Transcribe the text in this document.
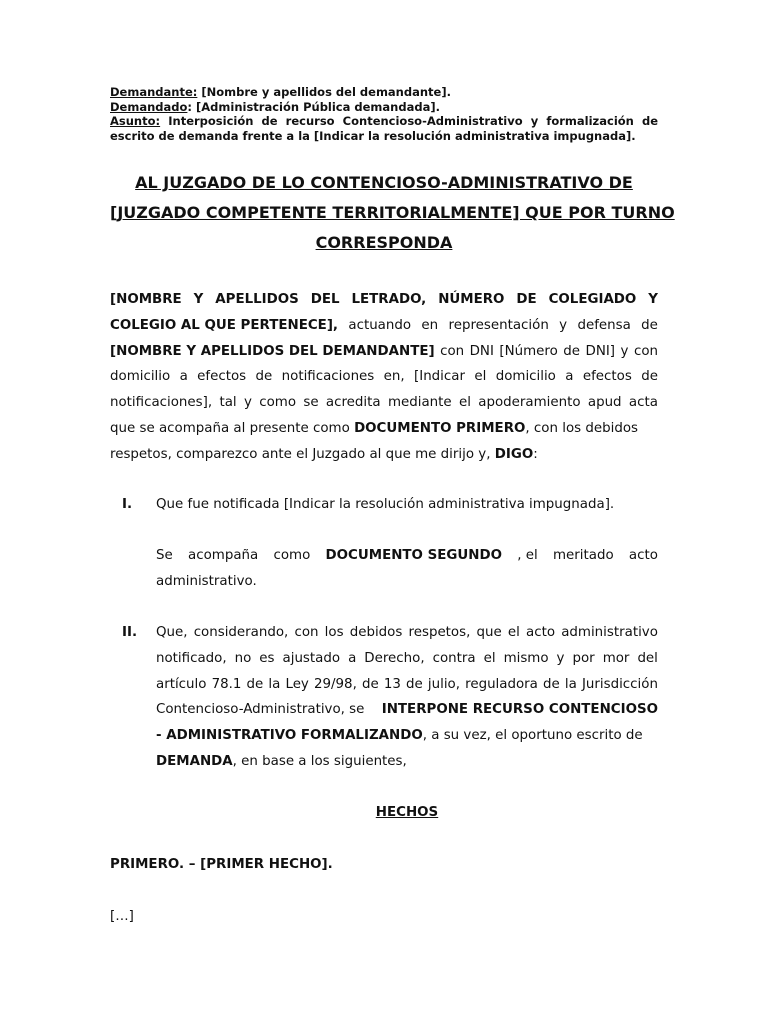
Demandante: [Nombre y apellidos del demandante].
Demandado: [Administración Pública demandada].
Asunto: Interposición de recurso Contencioso-Administrativo y formalización de escrito de demanda frente a la [Indicar la resolución administrativa impugnada].
AL JUZGADO DE LO CONTENCIOSO-ADMINISTRATIVO DE
[JUZGADO COMPETENTE TERRITORIALMENTE] QUE POR TURNO
CORRESPONDA
[NOMBRE Y APELLIDOS DEL LETRADO, NÚMERO DE COLEGIADO Y
COLEGIO AL QUE PERTENECE], actuando en representación y defensa de
[NOMBRE Y APELLIDOS DEL DEMANDANTE] con DNI [Número de DNI] y con
domicilio a efectos de notificaciones en, [Indicar el domicilio a efectos de
notificaciones], tal y como se acredita mediante el apoderamiento apud acta
que se acompaña al presente como DOCUMENTO PRIMERO, con los debidos
respetos, comparezco ante el Juzgado al que me dirijo y, DIGO:
I. Que fue notificada [Indicar la resolución administrativa impugnada].
Se acompaña como DOCUMENTO SEGUNDO , el meritado acto
administrativo.
II. Que, considerando, con los debidos respetos, que el acto administrativo
notificado, no es ajustado a Derecho, contra el mismo y por mor del
artículo 78.1 de la Ley 29/98, de 13 de julio, reguladora de la Jurisdicción
Contencioso-Administrativo, se INTERPONE RECURSO CONTENCIOSO
- ADMINISTRATIVO FORMALIZANDO, a su vez, el oportuno escrito de
DEMANDA, en base a los siguientes,
HECHOS
PRIMERO. – [PRIMER HECHO].
[…]
